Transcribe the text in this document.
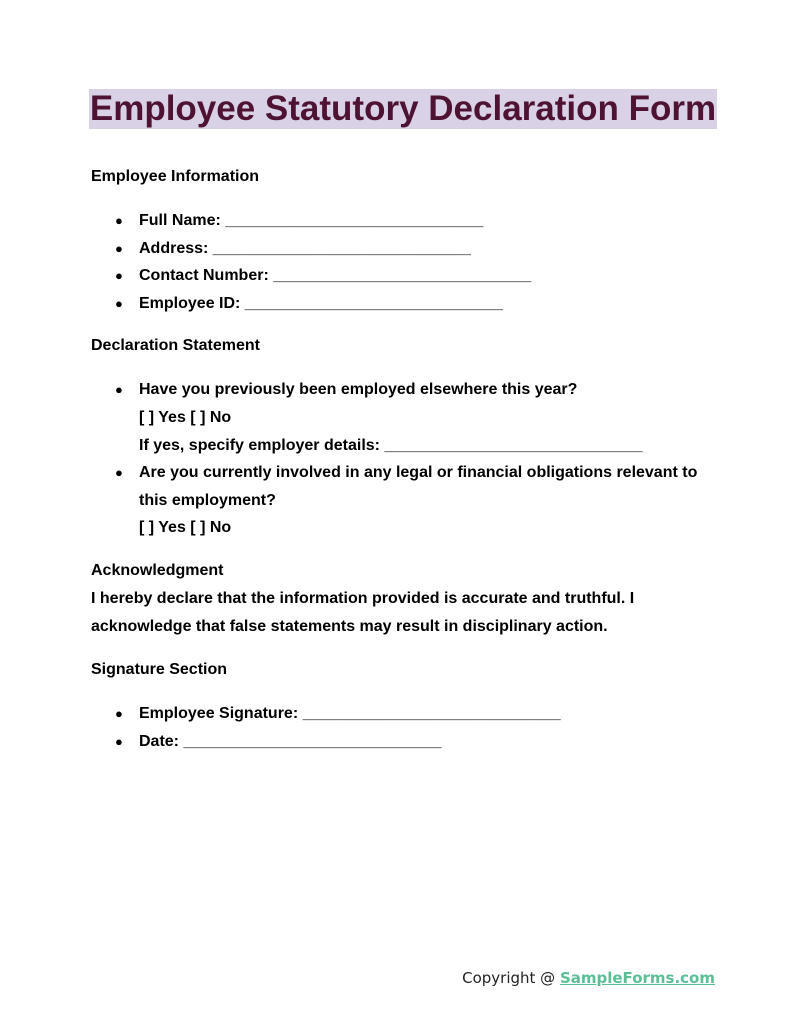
Employee Statutory Declaration Form
Employee Information
● Full Name: _____________________________
● Address: _____________________________
● Contact Number: _____________________________
● Employee ID: _____________________________
Declaration Statement
● Have you previously been employed elsewhere this year?
[ ] Yes [ ] No
If yes, specify employer details: _____________________________
● Are you currently involved in any legal or financial obligations relevant to this employment?
[ ] Yes [ ] No
Acknowledgment

I hereby declare that the information provided is accurate and truthful. I acknowledge that false statements may result in disciplinary action.

Signature Section
● Employee Signature: _____________________________
● Date: _____________________________
Copyright @ SampleForms.com
